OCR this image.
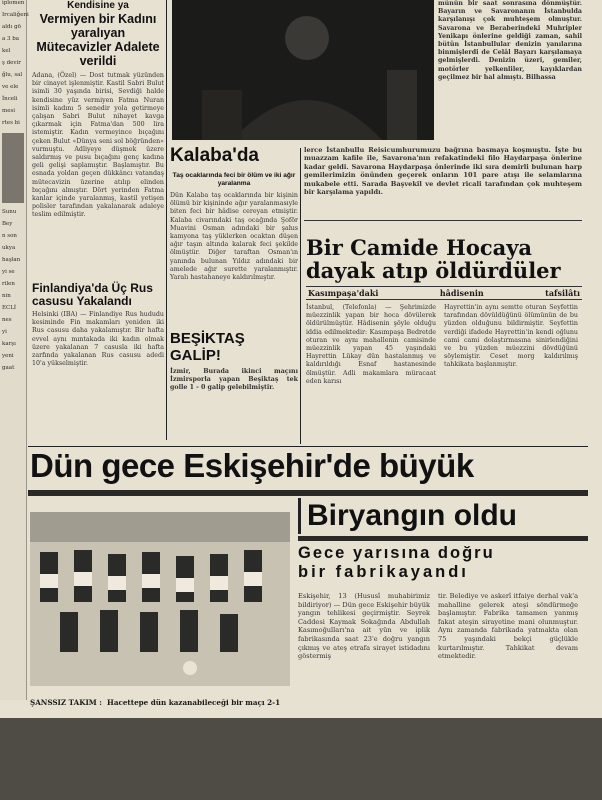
iplomen
Ircaliğeni
aldı gö
a 3 ba
kel
ş devir
ğlu, sal
ve ele
İnceli
mesi
rtes bi
Sunu
Bey
n son
ukya
haşlan
yi se
rilen
nin
ECLİ
nes
yi
karşı
yeni
gaat
Kendisine ya
Vermiyen bir Kadını yaralıyan Mütecavizler Adalete verildi
Adana, (Özel) — Dost tutmak yüzünden bir cinayet işlenmiştir. Kastil Sabri Bulut isimli 30 yaşında birisi, Sevdiği halde kendisine yüz vermiyen Fatma Nuran isimli kadını 5 senedir yola getirmeye çalışan Sabri Bulut nihayet kavga çıkarmak için Fatma'dan 500 lira istemiştir. Kadın vermeyince bıçağını çeken Bulut «Dünya seni sol böğründen» vurmuştu. Adliyeye düşmek üzere saldırmış ve pusu bıçağını genç kadına geli gelişi saplamıştır. Başlamıştır. Bu esnada yoldan geçen dükkâncı vatandaş mütecavizin üzerine atılıp elinden bıçağını almıştır. Dört yerinden Fatma kanlar içinde yaralanmış, kastil yetişen polisler tarafından yakalanarak adaleye teslim edilmiştir.
Finlandiya'da Üç Rus casusu Yakalandı
Helsinki (IBA) — Finlandiye Rus hududu kesiminde Fin makamları yeniden iki Rus casusu daha yakalamıştır. Bir hafta evvel aynı mıntakada iki kadın olmak üzere yakalanan 7 casusla iki hafta zarfında yakalanan Rus casusu adedi 10'a yükselmiştir.
Kalaba'da
Taş ocaklarında feci bir ölüm ve iki ağır yaralanma
Dün Kalaba taş ocaklarında bir kişinin ölümü bir kişininde ağır yaralanmasıyle biten feci bir hâdise cereyan etmiştir. Kalaba civarındaki taş ocağında Şoför Muavini Osman adındaki bir şahıs kamyona taş yüklerken ocaktan düşen ağır taşın altında kalarak feci şekilde ölmüştür. Diğer taraftan Osman'ın yanında bulunan Yıldız adındaki bir amelede ağır surette yaralanmıştır. Yaralı hastahaneye kaldırılmıştır.
BEŞİKTAŞ GALİP!
İzmir, Burada ikinci maçını İzmirsporla yapan Beşiktaş tek golle 1 - 0 galip gelebilmiştir.
münün bir saat sonrasına dönmüştür. Bayarın ve Savaronanın İstanbulda karşılanışı çok muhteşem olmuştur. Savarona ve Beraberindeki Muhripler Yenikapı önlerine geldiği zaman, sahil bütün İstanbullular denizin yanılarına binmişlerdi de Celâl Bayarı karşılamaya gelmişlerdi. Denizin üzeri, gemiler, motörler yelkenliler, kayıklardan geçilmez bir hal almıştı. Bilhassa
lerce İstanbullu Reisicumhurumuzu bağrına basmaya koşmuştu. İşte bu muazzam kafile ile, Savarona'nın refakatindeki filo Haydarpaşa önlerine kadar geldi. Savarona Haydarpaşa önlerinde iki sıra demirli bulunan harp gemilerimizin önünden geçerek onların 101 pare atışı ile selamlarına mukabele etti. Sarada Başvekil ve devlet ricali tarafından çok muhteşem bir karşılama yapıldı.
Bir Camide Hocaya
dayak atıp öldürdüler
Kasımpaşa'daki	hâdisenin	tafsilâtı
İstanbul, (Telefonla) — Şehrimizde müezzinlik yapan bir hoca dövülerek öldürülmüştür. Hâdisenin şöyle olduğu iddia edilmektedir: Kasımpaşa Bedretde oturan ve aynı mahallenin camisinde müezzinlik yapan 45 yaşındaki Hayrettin Lükay dün hastalanmış ve kaldırıldığı Esnaf hastanesinde ölmüştür. Adli makamlara müracaat eden karısı
Hayrettin'in aynı semtte oturan Seyfettin tarafından dövüldüğünü ölümünün de bu yüzden olduğunu bildirmiştir. Seyfettin verdiği ifadede Hayrettin'in kendi oğlunu cami cami dolaştırmasına sinirlendiğini ve bu yüzden müezzini dövdüğünü söylemiştir. Ceset morg kaldırılmış tahkikata başlanmıştır.
Dün gece Eskişehir'de büyük
ŞANSSIZ TAKIM : Hacettepe dün kazanabileceği bir maçı 2-1
Biryangın oldu
Gece yarısına doğru
bir fabrikayandı
Eskişehir, 13 (Hususî muhabirimiz bildiriyor) — Dün gece Eskişehir büyük yangın tehlikesi geçirmiştir. Seyrek Caddesi Kaymak Sokağında Abdullah Kasımoğulları'na ait yün ve iplik fabrikasında saat 23'e doğru yangın çıkmış ve ateş etrafa sirayet istidadını göstermiş
tir. Belediye ve askerî itfaiye derhal vak'a mahalline gelerek ateşi söndürmeğe başlamıştır. Fabrika tamamen yanmış fakat ateşin sirayetine mani olunmuştur. Aynı zamanda fabrikada yatmakta olan 75 yaşındaki bekçi güçlükle kurtarılmıştır. Tahkikat devam etmektedir.
